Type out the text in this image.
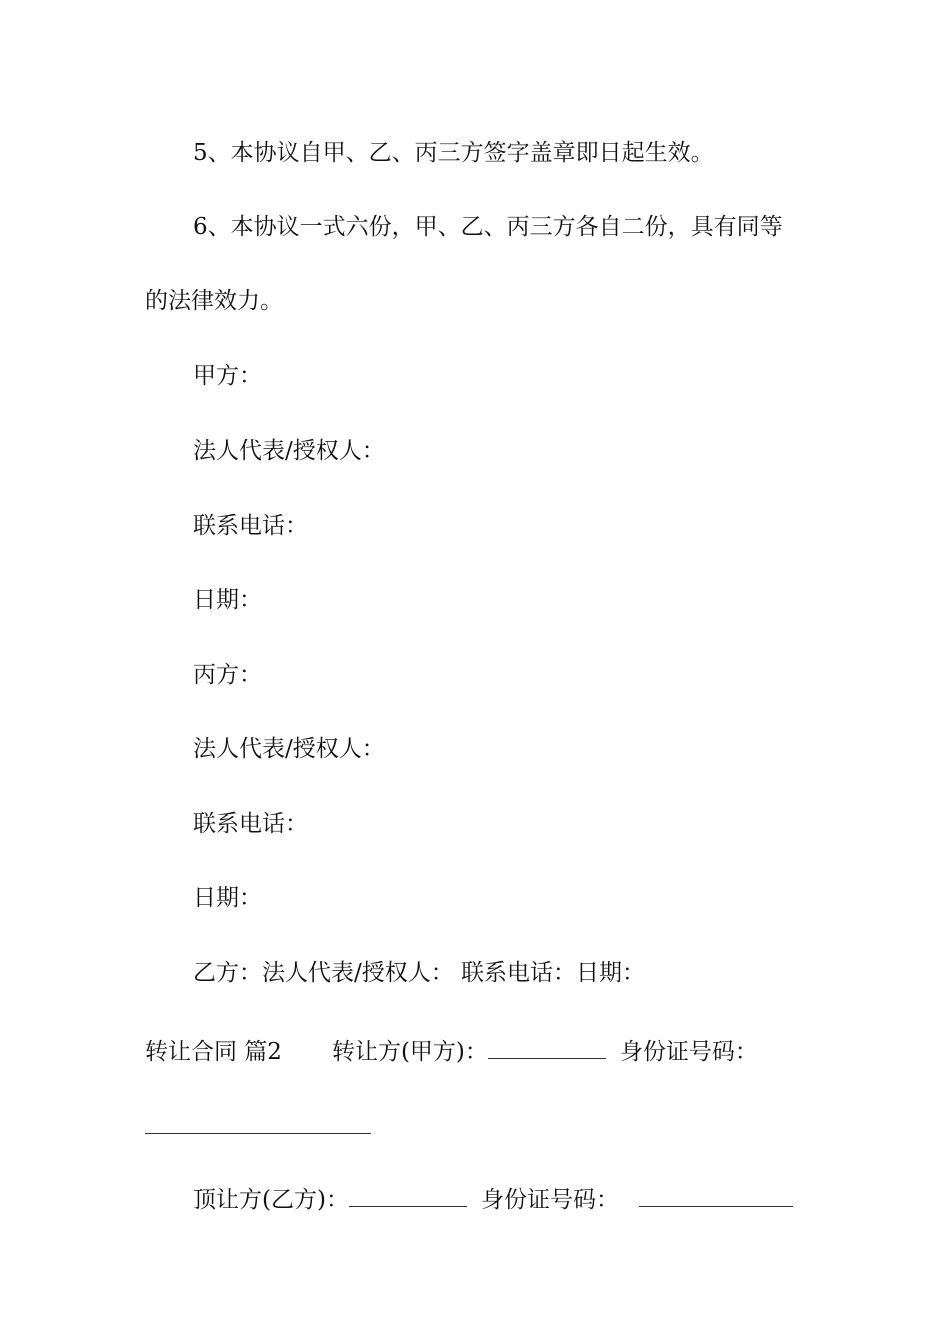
5、本协议自甲、乙、丙三方签字盖章即日起生效。
6、本协议一式六份，甲、乙、丙三方各自二份，具有同等
的法律效力。
甲方：
法人代表/授权人：
联系电话：
日期：
丙方：
法人代表/授权人：
联系电话：
日期：
乙方：法人代表/授权人： 联系电话：日期：
转让合同 篇2 转让方(甲方)：	身份证号码：
顶让方(乙方)：	身份证号码：
